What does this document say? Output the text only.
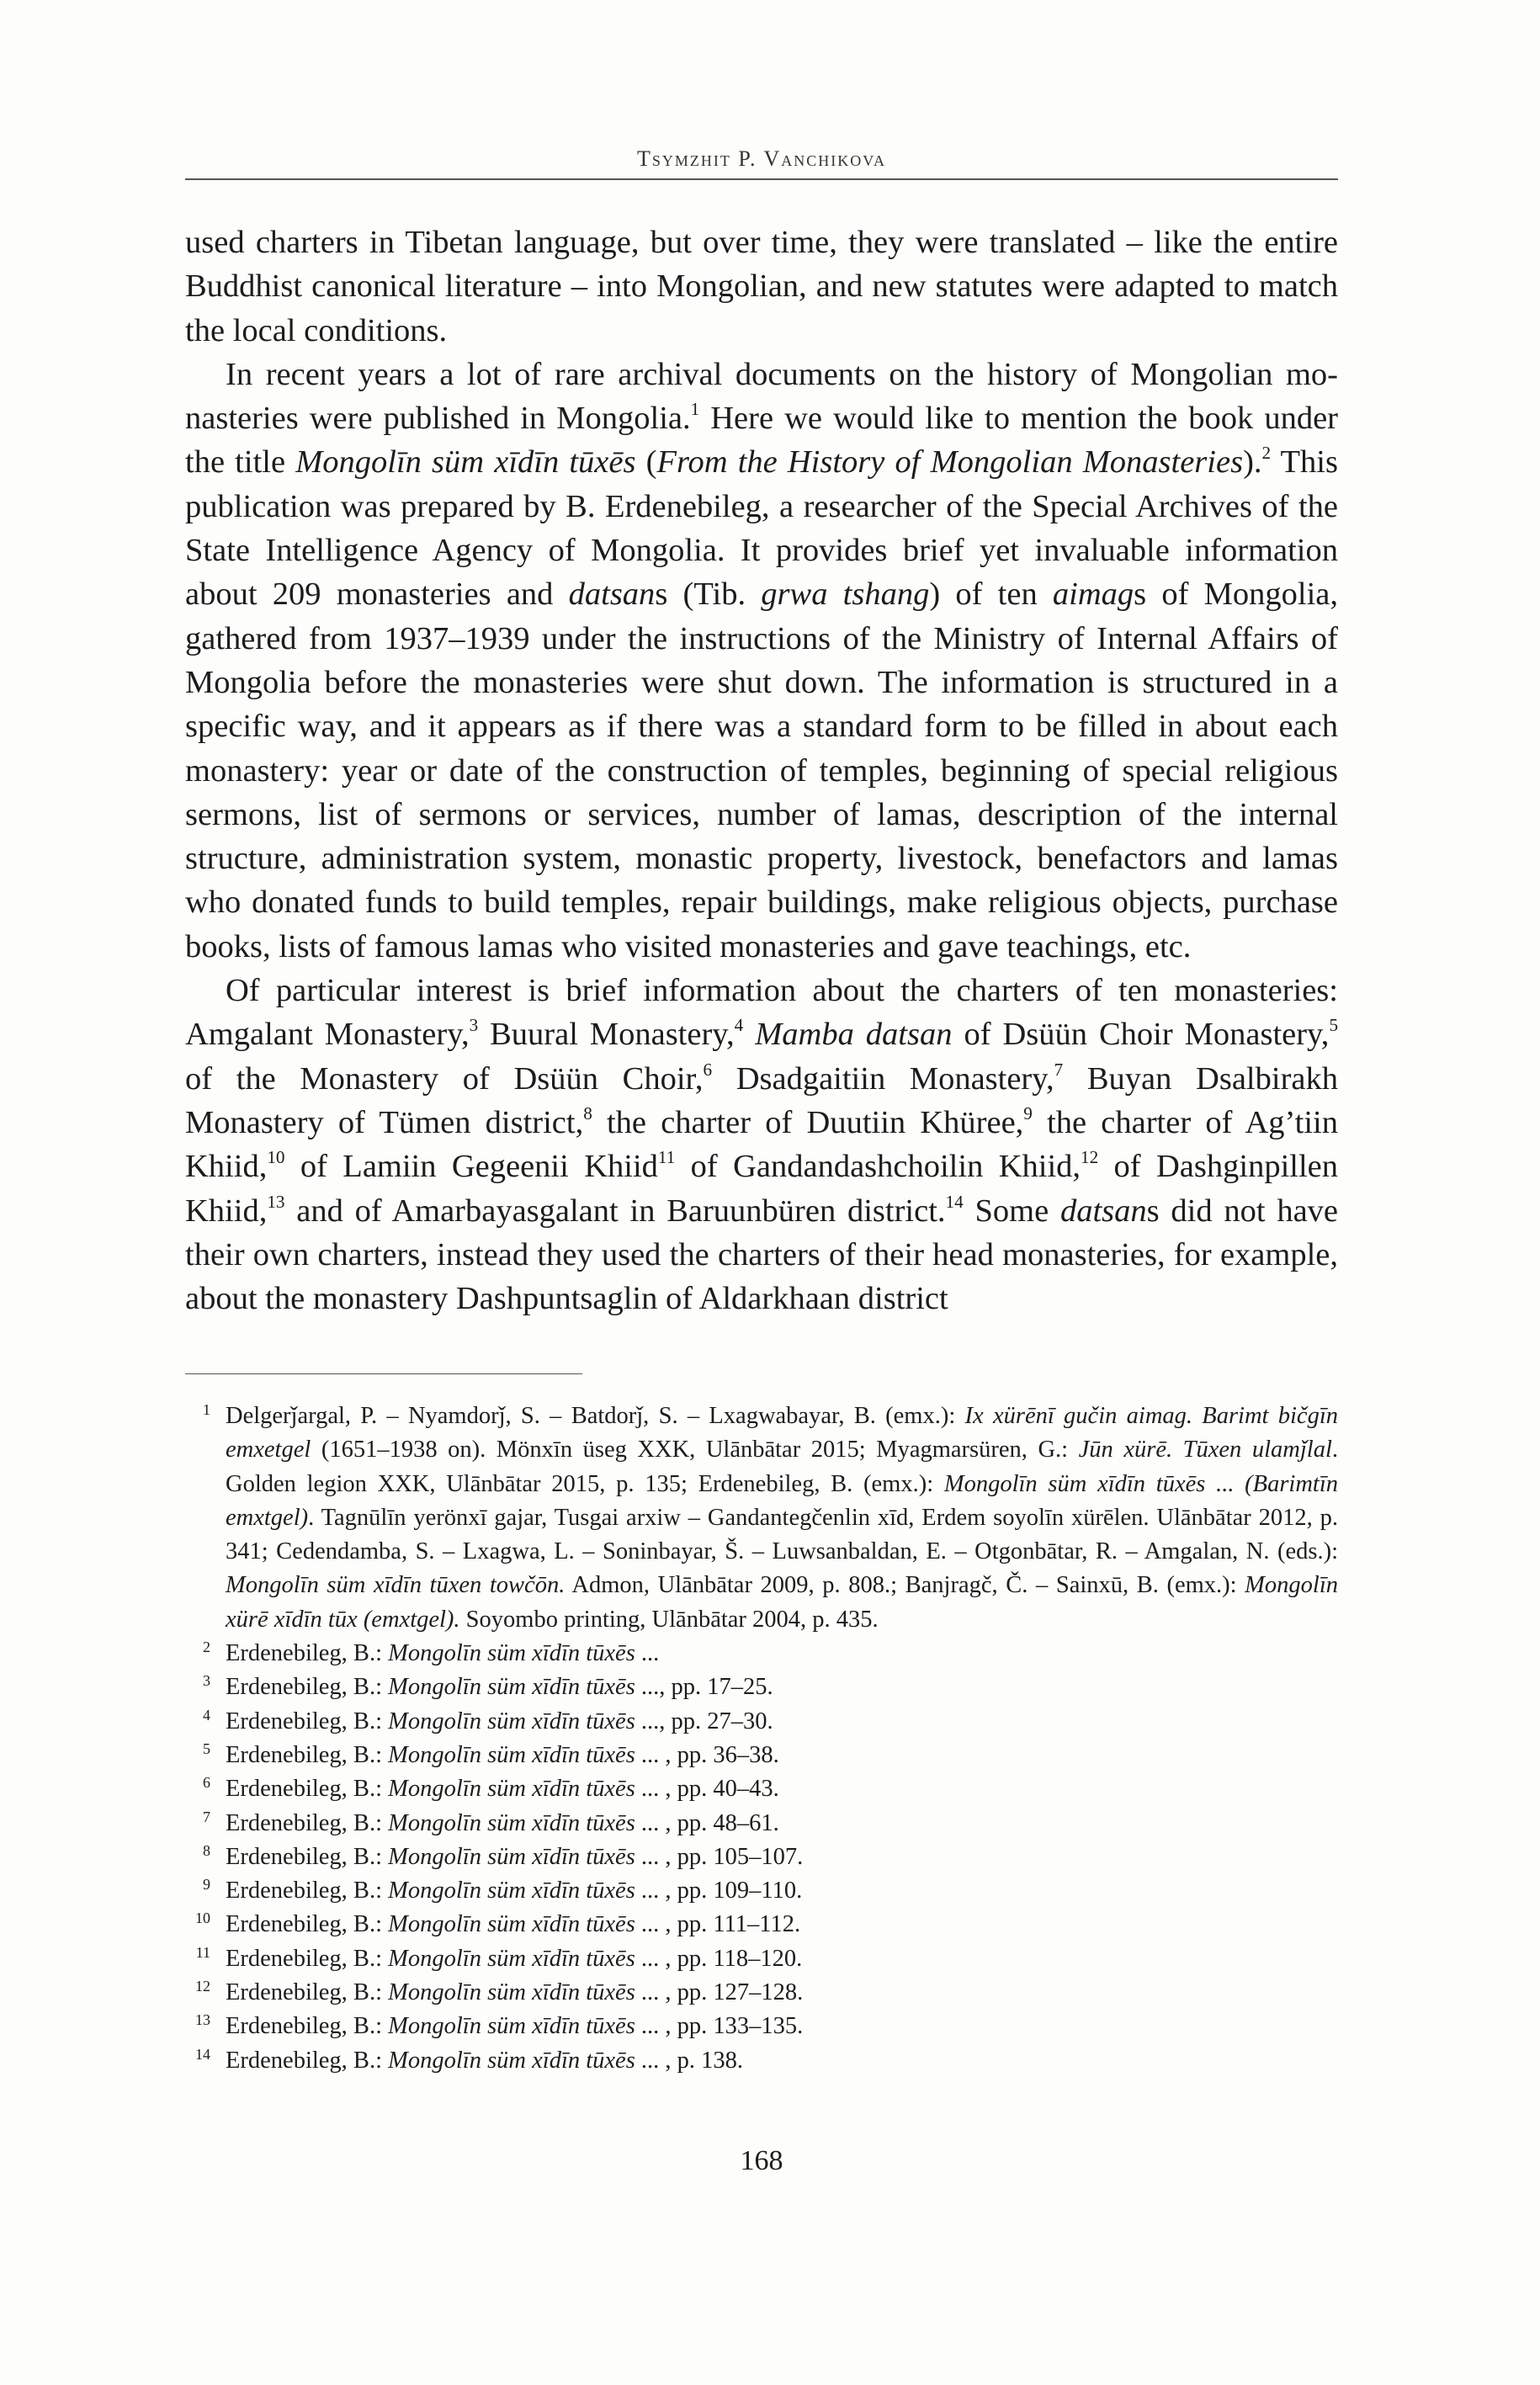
Tsymzhit P. Vanchikova

used charters in Tibetan language, but over time, they were translated – like the entire Buddhist canonical literature – into Mongolian, and new statutes were adapted to match the local conditions.

In recent years a lot of rare archival documents on the history of Mongolian monasteries were published in Mongolia.$^1$ Here we would like to mention the book under the title Mongolīn süm xīdīn tūxēs (From the History of Mongolian Monasteries).$^2$ This publication was prepared by B. Erdenebileg, a researcher of the Special Archives of the State Intelligence Agency of Mongolia. It provides brief yet invaluable information about 209 monasteries and datsans (Tib. grwa tshang) of ten aimags of Mongolia, gathered from 1937–1939 under the instructions of the Ministry of Internal Affairs of Mongolia before the monasteries were shut down. The information is structured in a specific way, and it appears as if there was a standard form to be filled in about each monastery: year or date of the construction of temples, beginning of special religious sermons, list of sermons or services, number of lamas, description of the internal structure, administration system, monastic property, livestock, benefactors and lamas who donated funds to build temples, repair buildings, make religious objects, purchase books, lists of famous lamas who visited monasteries and gave teachings, etc.

Of particular interest is brief information about the charters of ten monasteries: Amgalant Monastery,$^3$ Buural Monastery,$^4$ Mamba datsan of Dsüün Choir Monastery,$^5$ of the Monastery of Dsüün Choir,$^6$ Dsadgaitiin Monastery,$^7$ Buyan Dsalbirakh Monastery of Tümen district,$^8$ the charter of Duutiin Khüree,$^9$ the charter of Ag’tiin Khiid,$^{10}$ of Lamiin Gegeenii Khiid$^{11}$ of Gandandashchoilin Khiid,$^{12}$ of Dashginpillen Khiid,$^{13}$ and of Amarbayasgalant in Baruunbüren district.$^{14}$ Some datsans did not have their own charters, instead they used the charters of their head monasteries, for example, about the monastery Dashpuntsaglin of Aldarkhaan district

1 Delgerǰargal, P. – Nyamdorǰ, S. – Batdorǰ, S. – Lxagwabayar, B. (emx.): Ix xürēnī gučin aimag. Barimt bičgīn emxetgel (1651–1938 on). Mönxīn üseg XXK, Ulānbātar 2015; Myagmarsüren, G.: Jūn xürē. Tūxen ulamǰlal. Golden legion XXK, Ulānbātar 2015, p. 135; Erdenebileg, B. (emx.): Mongolīn süm xīdīn tūxēs ... (Barimtīn emxtgel). Tagnūlīn yerönxī gajar, Tusgai arxiw – Gandantegčenlin xīd, Erdem soyolīn xürēlen. Ulānbātar 2012, p. 341; Cedendamba, S. – Lxagwa, L. – Soninbayar, Š. – Luwsanbaldan, E. – Otgonbātar, R. – Amgalan, N. (eds.): Mongolīn süm xīdīn tūxen towčōn. Admon, Ulānbātar 2009, p. 808.; Banjragč, Č. – Sainxū, B. (emx.): Mongolīn xürē xīdīn tūx (emxtgel). Soyombo printing, Ulānbātar 2004, p. 435.
2 Erdenebileg, B.: Mongolīn süm xīdīn tūxēs ...
3 Erdenebileg, B.: Mongolīn süm xīdīn tūxēs ..., pp. 17–25.
4 Erdenebileg, B.: Mongolīn süm xīdīn tūxēs ..., pp. 27–30.
5 Erdenebileg, B.: Mongolīn süm xīdīn tūxēs ... , pp. 36–38.
6 Erdenebileg, B.: Mongolīn süm xīdīn tūxēs ... , pp. 40–43.
7 Erdenebileg, B.: Mongolīn süm xīdīn tūxēs ... , pp. 48–61.
8 Erdenebileg, B.: Mongolīn süm xīdīn tūxēs ... , pp. 105–107.
9 Erdenebileg, B.: Mongolīn süm xīdīn tūxēs ... , pp. 109–110.
10 Erdenebileg, B.: Mongolīn süm xīdīn tūxēs ... , pp. 111–112.
11 Erdenebileg, B.: Mongolīn süm xīdīn tūxēs ... , pp. 118–120.
12 Erdenebileg, B.: Mongolīn süm xīdīn tūxēs ... , pp. 127–128.
13 Erdenebileg, B.: Mongolīn süm xīdīn tūxēs ... , pp. 133–135.
14 Erdenebileg, B.: Mongolīn süm xīdīn tūxēs ... , p. 138.
168
